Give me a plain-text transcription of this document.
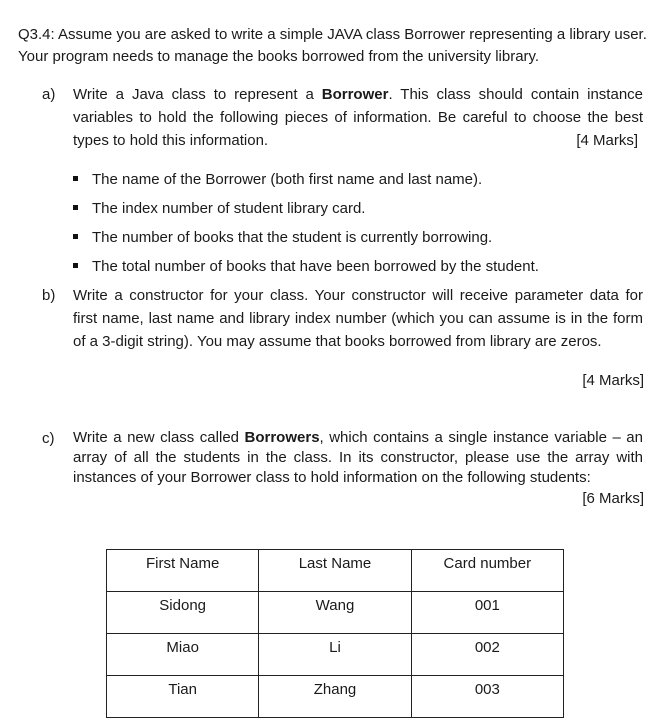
Q3.4: Assume you are asked to write a simple JAVA class Borrower representing a library user.
Your program needs to manage the books borrowed from the university library.
a) Write a Java class to represent a Borrower. This class should contain instance
variables to hold the following pieces of information. Be careful to choose the best
types to hold this information.	[4 Marks]
The name of the Borrower (both first name and last name).
The index number of student library card.
The number of books that the student is currently borrowing.
The total number of books that have been borrowed by the student.
b) Write a constructor for your class. Your constructor will receive parameter data for
first name, last name and library index number (which you can assume is in the form
of a 3-digit string). You may assume that books borrowed from library are zeros.
[4 Marks]
c) Write a new class called Borrowers, which contains a single instance variable – an
array of all the students in the class. In its constructor, please use the array with
instances of your Borrower class to hold information on the following students:
[6 Marks]
First Name	Last Name	Card number
Sidong	Wang	001
Miao	Li	002
Tian	Zhang	003
